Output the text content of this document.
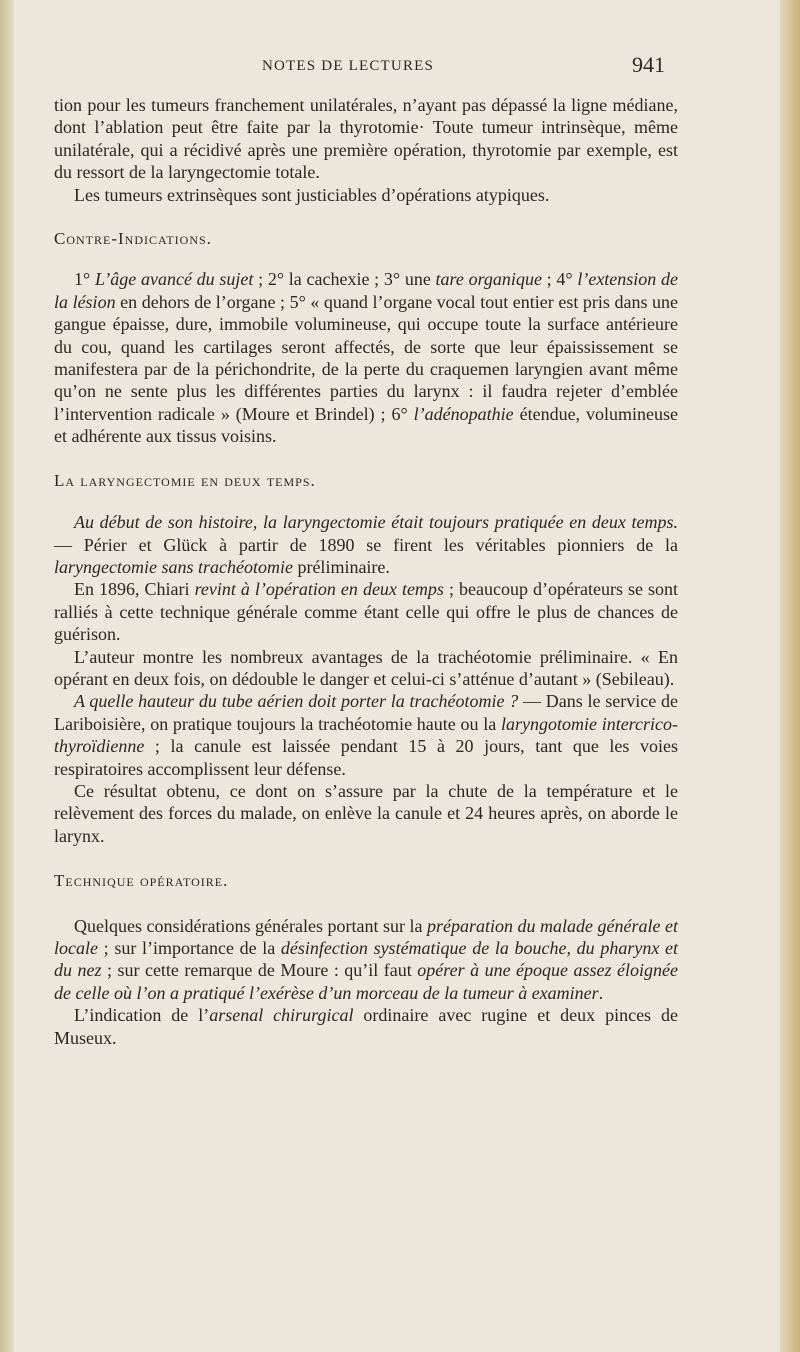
NOTES DE LECTURES	941

tion pour les tumeurs franchement unilatérales, n’ayant pas dépassé la ligne médiane, dont l’ablation peut être faite par la thyrotomie· Toute tumeur intrinsèque, même unilatérale, qui a récidivé après une première opération, thyrotomie par exemple, est du ressort de la laryngectomie totale.

Les tumeurs extrinsèques sont justiciables d’opérations atypiques.

Contre-Indications.

1° L’âge avancé du sujet ; 2° la cachexie ; 3° une tare organique ; 4° l’extension de la lésion en dehors de l’organe ; 5° « quand l’organe vocal tout entier est pris dans une gangue épaisse, dure, immobile volumineuse, qui occupe toute la surface antérieure du cou, quand les cartilages seront affectés, de sorte que leur épaississement se manifestera par de la périchondrite, de la perte du craquemen laryngien avant même qu’on ne sente plus les différentes parties du larynx : il faudra rejeter d’emblée l’intervention radicale » (Moure et Brindel) ; 6° l’adénopathie étendue, volumineuse et adhérente aux tissus voisins.

La laryngectomie en deux temps.

Au début de son histoire, la laryngectomie était toujours pratiquée en deux temps. — Périer et Glück à partir de 1890 se firent les véritables pionniers de la laryngectomie sans trachéotomie préliminaire.

En 1896, Chiari revint à l’opération en deux temps ; beaucoup d’opérateurs se sont ralliés à cette technique générale comme étant celle qui offre le plus de chances de guérison.

L’auteur montre les nombreux avantages de la trachéotomie préliminaire. « En opérant en deux fois, on dédouble le danger et celui-ci s’atténue d’autant » (Sebileau).

A quelle hauteur du tube aérien doit porter la trachéotomie ? — Dans le service de Lariboisière, on pratique toujours la trachéotomie haute ou la laryngotomie intercrico-thyroïdienne ; la canule est laissée pendant 15 à 20 jours, tant que les voies respiratoires accomplissent leur défense.

Ce résultat obtenu, ce dont on s’assure par la chute de la température et le relèvement des forces du malade, on enlève la canule et 24 heures après, on aborde le larynx.

Technique opératoire.

Quelques considérations générales portant sur la préparation du malade générale et locale ; sur l’importance de la désinfection systématique de la bouche, du pharynx et du nez ; sur cette remarque de Moure : qu’il faut opérer à une époque assez éloignée de celle où l’on a pratiqué l’exérèse d’un morceau de la tumeur à examiner.

L’indication de l’arsenal chirurgical ordinaire avec rugine et deux pinces de Museux.
